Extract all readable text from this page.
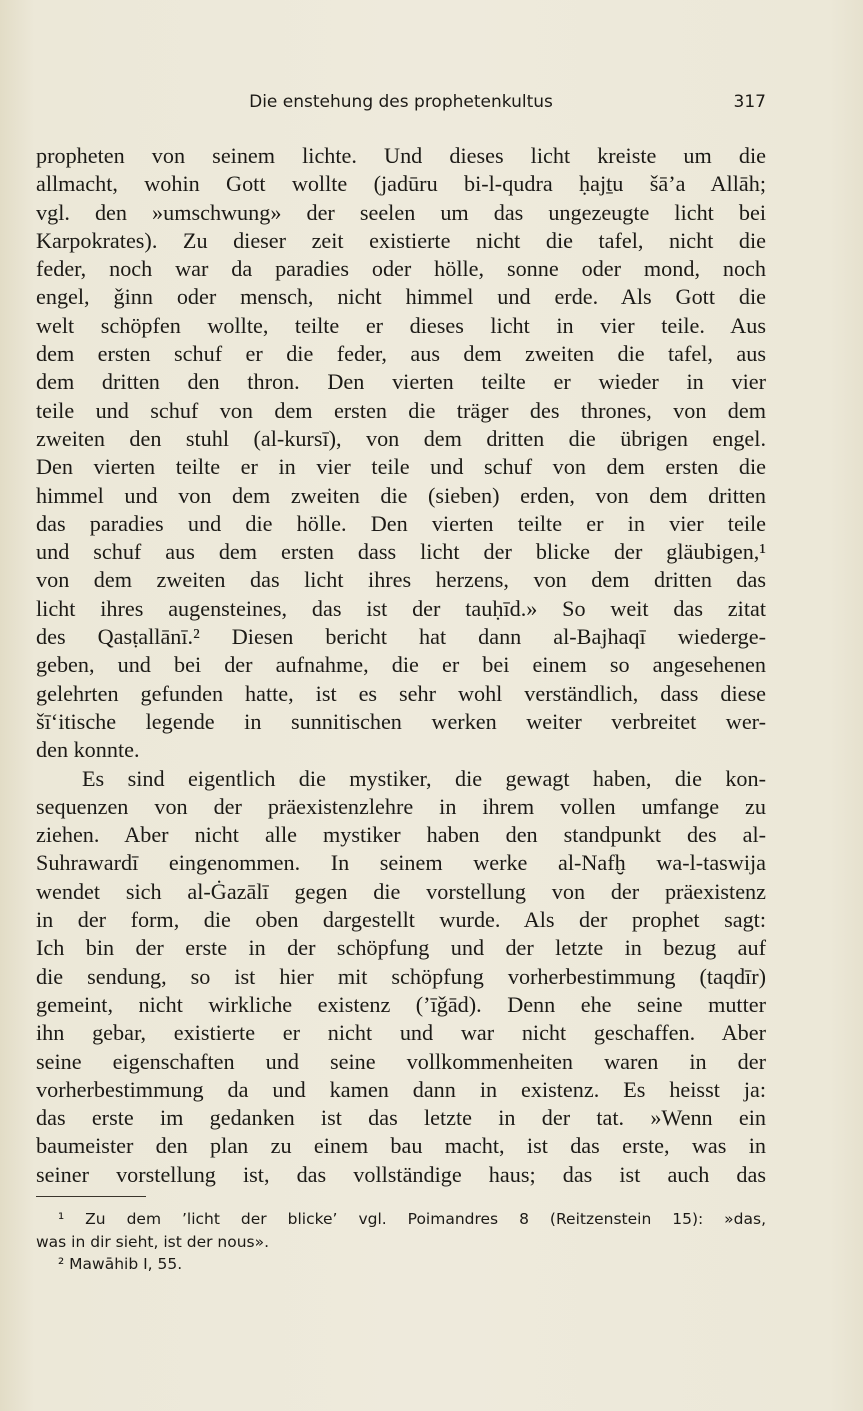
Die enstehung des prophetenkultus	317
propheten von seinem lichte. Und dieses licht kreiste um die
allmacht, wohin Gott wollte (jadūru bi-l-qudra ḥajṯu šā’a Allāh;
vgl. den »umschwung» der seelen um das ungezeugte licht bei
Karpokrates). Zu dieser zeit existierte nicht die tafel, nicht die
feder, noch war da paradies oder hölle, sonne oder mond, noch
engel, ǧinn oder mensch, nicht himmel und erde. Als Gott die
welt schöpfen wollte, teilte er dieses licht in vier teile. Aus
dem ersten schuf er die feder, aus dem zweiten die tafel, aus
dem dritten den thron. Den vierten teilte er wieder in vier
teile und schuf von dem ersten die träger des thrones, von dem
zweiten den stuhl (al-kursī), von dem dritten die übrigen engel.
Den vierten teilte er in vier teile und schuf von dem ersten die
himmel und von dem zweiten die (sieben) erden, von dem dritten
das paradies und die hölle. Den vierten teilte er in vier teile
und schuf aus dem ersten dass licht der blicke der gläubigen,¹
von dem zweiten das licht ihres herzens, von dem dritten das
licht ihres augensteines, das ist der tauḥīd.» So weit das zitat
des Qasṭallānī.² Diesen bericht hat dann al-Bajhaqī wiederge-
geben, und bei der aufnahme, die er bei einem so angesehenen
gelehrten gefunden hatte, ist es sehr wohl verständlich, dass diese
šī‘itische legende in sunnitischen werken weiter verbreitet wer-
den konnte.
Es sind eigentlich die mystiker, die gewagt haben, die kon-
sequenzen von der präexistenzlehre in ihrem vollen umfange zu
ziehen. Aber nicht alle mystiker haben den standpunkt des al-
Suhrawardī eingenommen. In seinem werke al-Nafḫ wa-l-taswija
wendet sich al-Ġazālī gegen die vorstellung von der präexistenz
in der form, die oben dargestellt wurde. Als der prophet sagt:
Ich bin der erste in der schöpfung und der letzte in bezug auf
die sendung, so ist hier mit schöpfung vorherbestimmung (taqdīr)
gemeint, nicht wirkliche existenz (’īǧād). Denn ehe seine mutter
ihn gebar, existierte er nicht und war nicht geschaffen. Aber
seine eigenschaften und seine vollkommenheiten waren in der
vorherbestimmung da und kamen dann in existenz. Es heisst ja:
das erste im gedanken ist das letzte in der tat. »Wenn ein
baumeister den plan zu einem bau macht, ist das erste, was in
seiner vorstellung ist, das vollständige haus; das ist auch das
¹ Zu dem ’licht der blicke’ vgl. Poimandres 8 (Reitzenstein 15): »das,
was in dir sieht, ist der nous».
² Mawāhib I, 55.
